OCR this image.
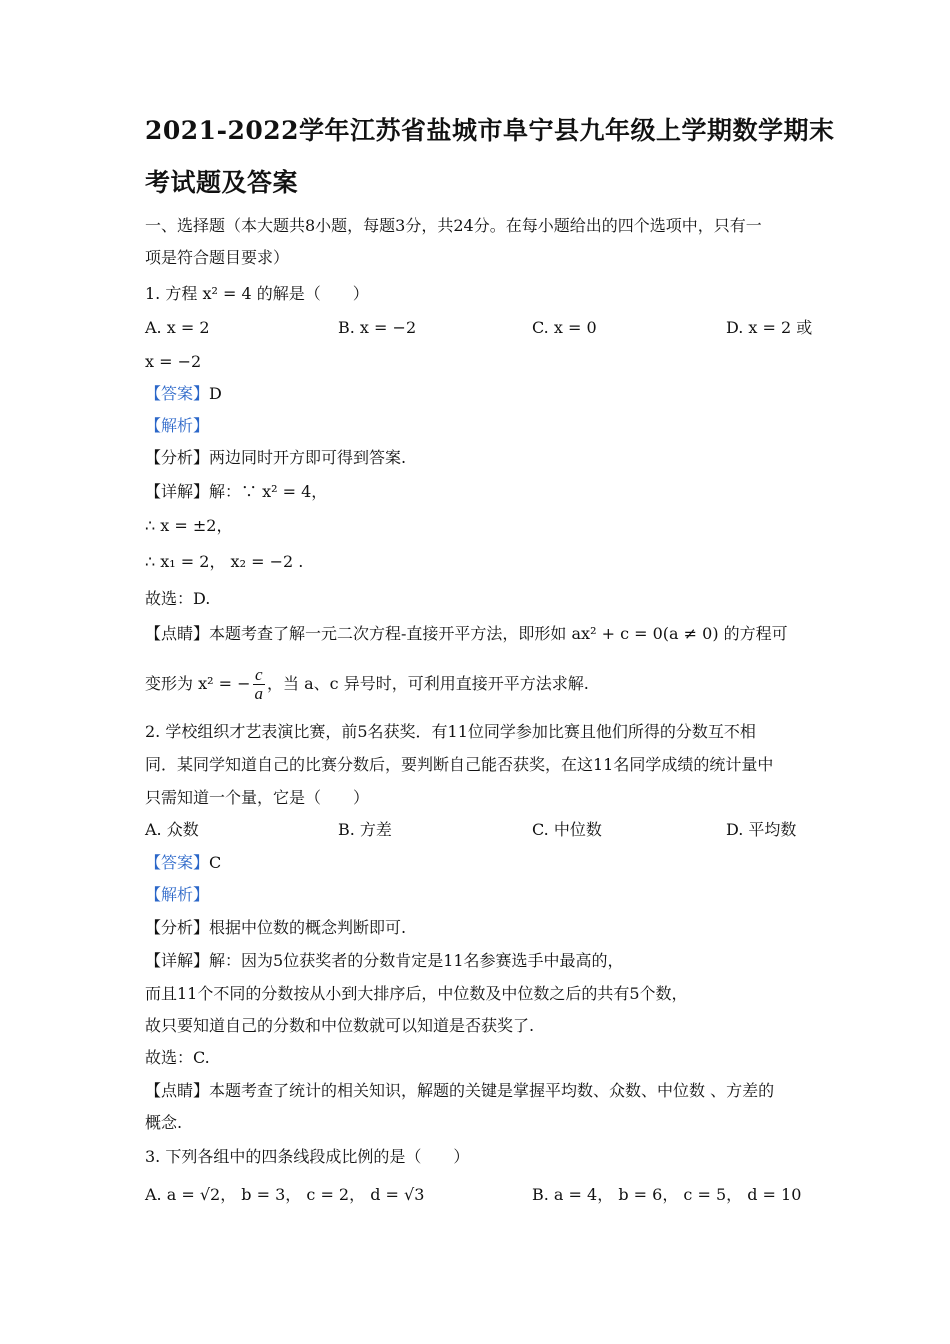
2021-2022学年江苏省盐城市阜宁县九年级上学期数学期末
考试题及答案
一、选择题（本大题共8小题，每题3分，共24分。在每小题给出的四个选项中，只有一
项是符合题目要求）
1. 方程 x² = 4 的解是（　　）
A. x = 2	B. x = −2	C. x = 0	D. x = 2 或
x = −2
【答案】D
【解析】
【分析】两边同时开方即可得到答案.
【详解】解：∵ x² = 4，
∴ x = ±2，
∴ x₁ = 2， x₂ = −2 .
故选：D.
【点睛】本题考查了解一元二次方程-直接开平方法，即形如 ax² + c = 0(a ≠ 0) 的方程可
变形为 x² = − $\frac{c}{a}$ ，当 a、c 异号时，可利用直接开平方法求解.
2. 学校组织才艺表演比赛，前5名获奖．有11位同学参加比赛且他们所得的分数互不相
同．某同学知道自己的比赛分数后，要判断自己能否获奖，在这11名同学成绩的统计量中
只需知道一个量，它是（　　）
A. 众数	B. 方差	C. 中位数	D. 平均数
【答案】C
【解析】
【分析】根据中位数的概念判断即可.
【详解】解：因为5位获奖者的分数肯定是11名参赛选手中最高的，
而且11个不同的分数按从小到大排序后，中位数及中位数之后的共有5个数，
故只要知道自己的分数和中位数就可以知道是否获奖了.
故选：C.
【点睛】本题考查了统计的相关知识，解题的关键是掌握平均数、众数、中位数 、方差的
概念.
3. 下列各组中的四条线段成比例的是（　　）
A. a = √2， b = 3， c = 2， d = √3	B. a = 4， b = 6， c = 5， d = 10
